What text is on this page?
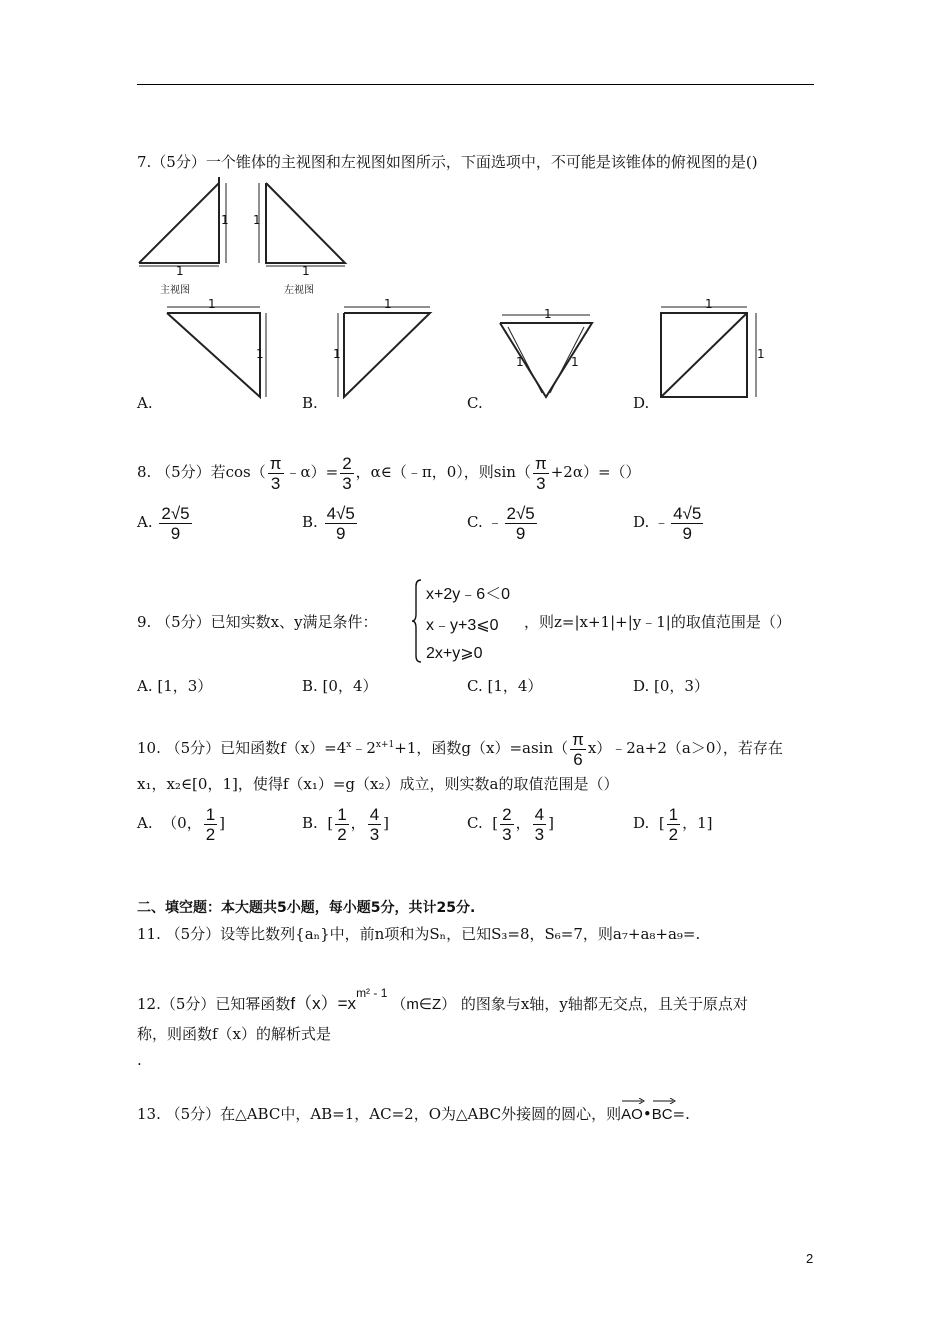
7.（5分）一个锥体的主视图和左视图如图所示，下面选项中，不可能是该锥体的俯视图的是()
1
1
主视图
1
1
左视图
1
1
1
1
1
1	1
1
1
A.	B.	C.	D.
8. （5分）若$\cos( \frac{\pi}{3}$ ﹣α）= $\frac{2}{3}$ ，α∈（﹣π，0），则$\sin( \frac{\pi}{3} +2\alpha)=()$
A. $\frac{2√5}{9}$	B. $\frac{4√5}{9}$	C. ﹣ $\frac{2√5}{9}$	D. ﹣ $\frac{4√5}{9}$
9. （5分）已知实数x、y满足条件：
x+2y﹣6＜0
x﹣y+3⩽0
2x+y⩾0
，则z=|x+1|+|y﹣1|的取值范围是（）
A. [1，3）	B. [0，4）	C. [1，4）	D. [0，3）
10. （5分）已知函数$f(x)=4^x﹣2^{x+1}+1$，函数$g(x)=asin( \frac{\pi}{6}$ x）﹣2a+2（a＞0），若存在
x₁，x₂∈[0，1]，使得f（x₁）=g（x₂）成立，则实数a的取值范围是（）
A. （0， $\frac{1}{2}$ ]	B. [ $\frac{1}{2}$ ， $\frac{4}{3}$ ]	C. [ $\frac{2}{3}$ ， $\frac{4}{3}$ ]	D. [ $\frac{1}{2}$ ，1]
二、填空题：本大题共5小题，每小题5分，共计25分.
11. （5分）设等比数列{aₙ}中，前n项和为Sₙ，已知S₃=8，S₆=7，则a₇+a₈+a₉=.
12.（5分）已知幂函数$f(x)=x^{m^2 - 1}(m\in Z)$ 的图象与x轴，y轴都无交点，且关于原点对
称，则函数f（x）的解析式是
.
13. （5分）在△ABC中，AB=1，AC=2，O为△ABC外接圆的圆心，则
AO•
BC=.
2
